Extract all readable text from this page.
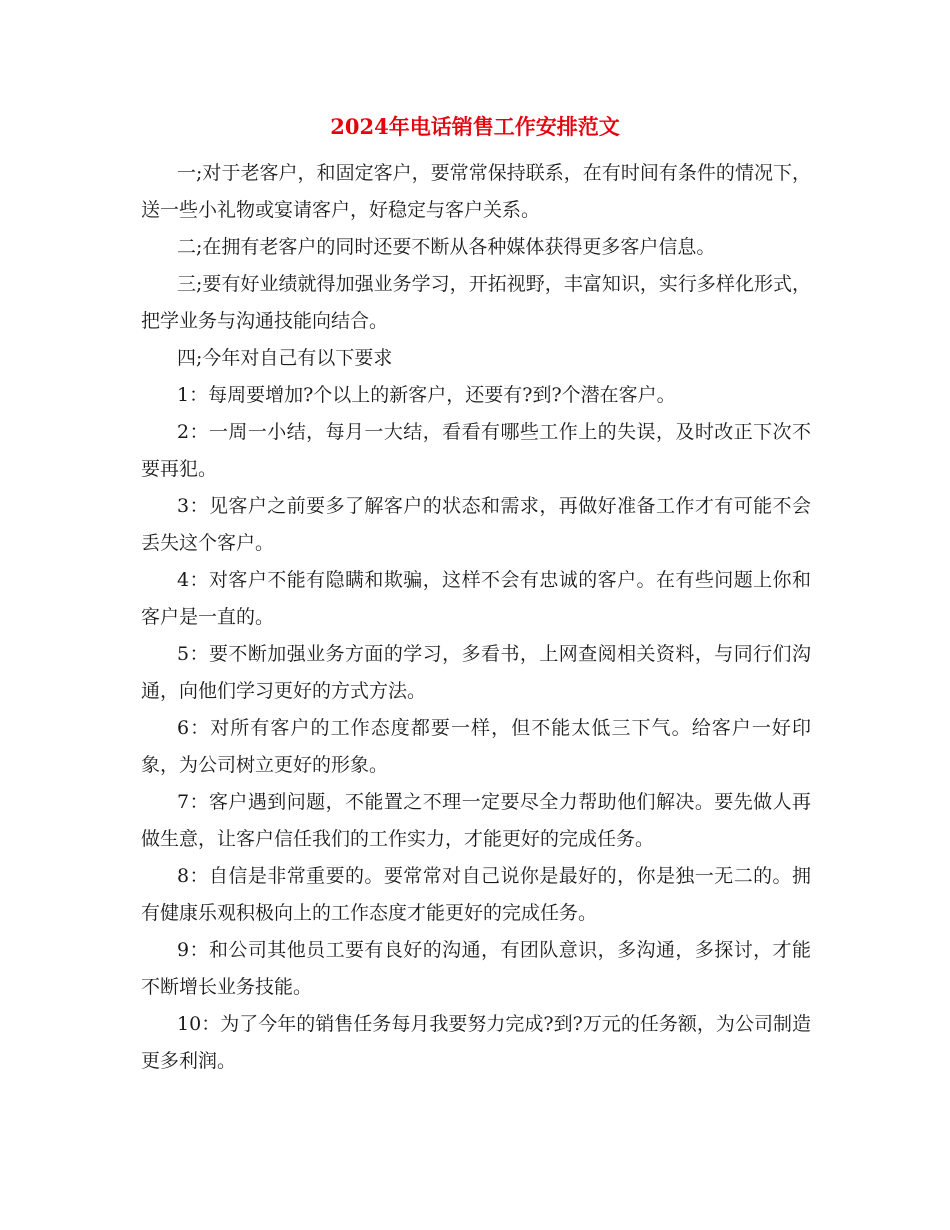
2024年电话销售工作安排范文

一;对于老客户，和固定客户，要常常保持联系，在有时间有条件的情况下，送一些小礼物或宴请客户，好稳定与客户关系。

二;在拥有老客户的同时还要不断从各种媒体获得更多客户信息。

三;要有好业绩就得加强业务学习，开拓视野，丰富知识，实行多样化形式，把学业务与沟通技能向结合。

四;今年对自己有以下要求

1：每周要增加?个以上的新客户，还要有?到?个潜在客户。

2：一周一小结，每月一大结，看看有哪些工作上的失误，及时改正下次不要再犯。

3：见客户之前要多了解客户的状态和需求，再做好准备工作才有可能不会丢失这个客户。

4：对客户不能有隐瞒和欺骗，这样不会有忠诚的客户。在有些问题上你和客户是一直的。

5：要不断加强业务方面的学习，多看书，上网查阅相关资料，与同行们沟通，向他们学习更好的方式方法。

6：对所有客户的工作态度都要一样，但不能太低三下气。给客户一好印象，为公司树立更好的形象。

7：客户遇到问题，不能置之不理一定要尽全力帮助他们解决。要先做人再做生意，让客户信任我们的工作实力，才能更好的完成任务。

8：自信是非常重要的。要常常对自己说你是最好的，你是独一无二的。拥有健康乐观积极向上的工作态度才能更好的完成任务。

9：和公司其他员工要有良好的沟通，有团队意识，多沟通，多探讨，才能不断增长业务技能。

10：为了今年的销售任务每月我要努力完成?到?万元的任务额，为公司制造更多利润。
